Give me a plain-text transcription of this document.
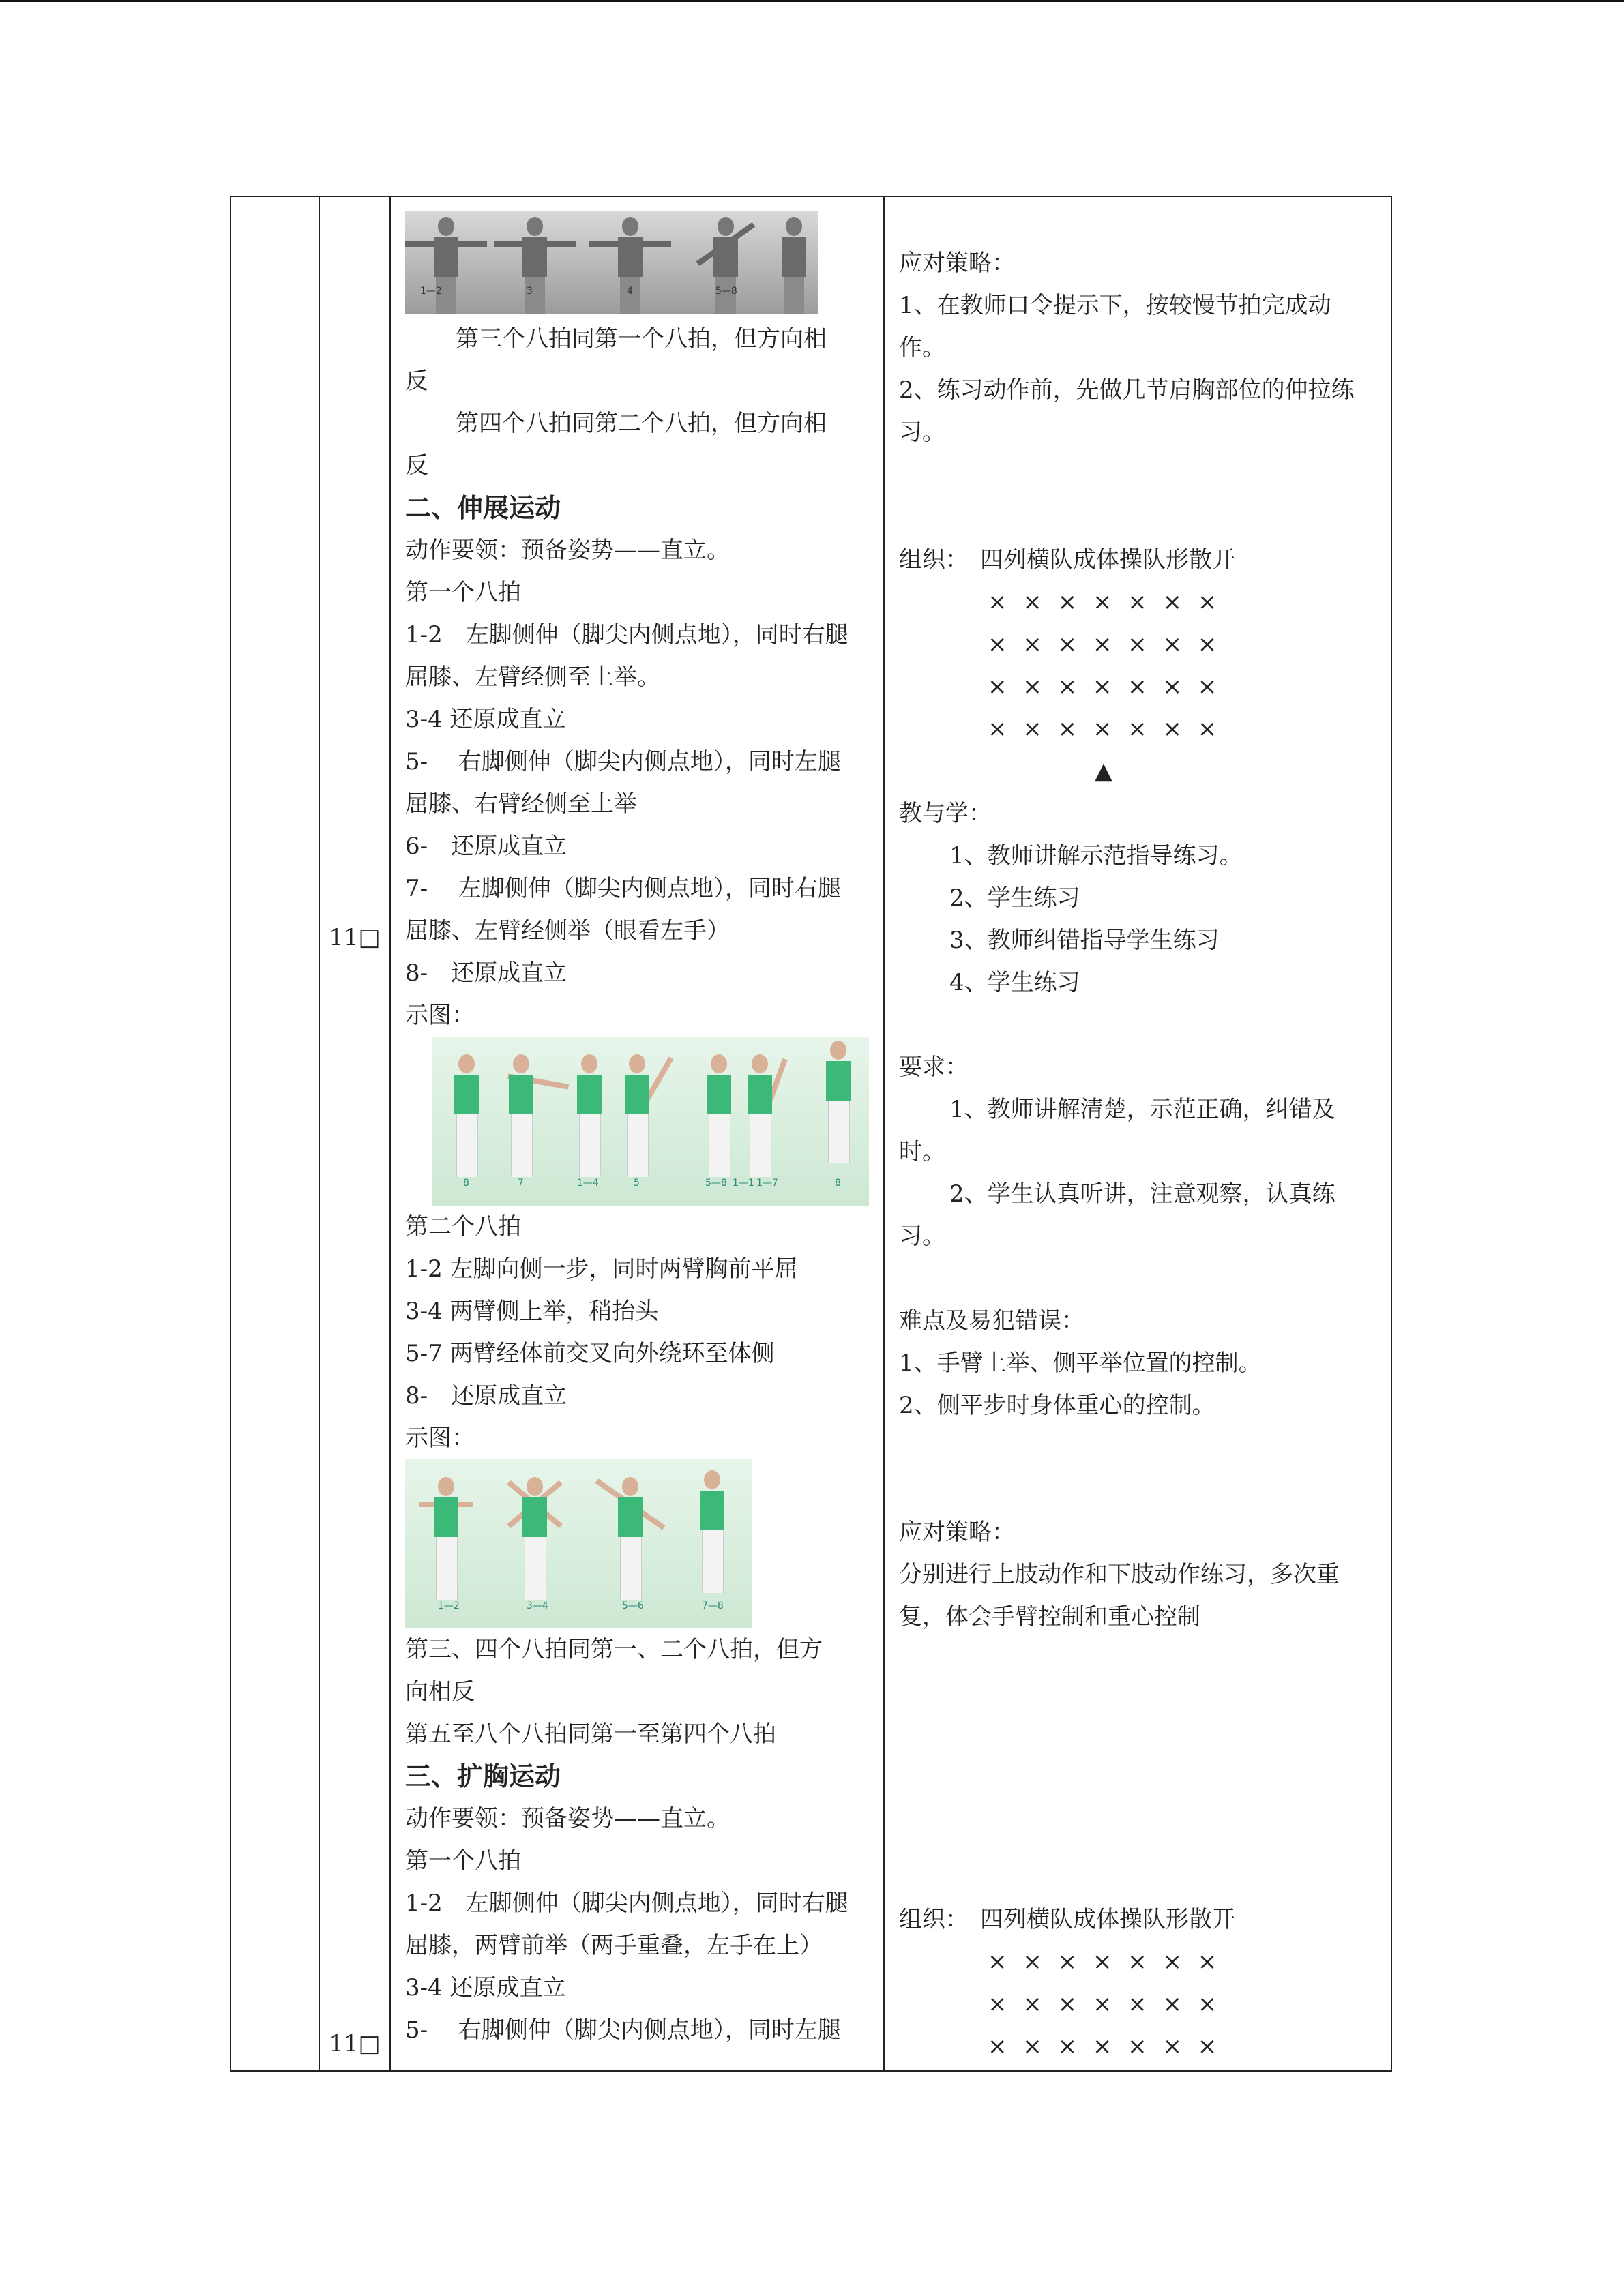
11□
11□
1—2	3	4	5—8
第三个八拍同第一个八拍，但方向相
反
第四个八拍同第二个八拍，但方向相
反
二、伸展运动
动作要领：预备姿势——直立。
第一个八拍
1-2　左脚侧伸（脚尖内侧点地），同时右腿
屈膝、左臂经侧至上举。
3-4 还原成直立
5-　 右脚侧伸（脚尖内侧点地），同时左腿
屈膝、右臂经侧至上举
6-　还原成直立
7-　 左脚侧伸（脚尖内侧点地），同时右腿
屈膝、左臂经侧举（眼看左手）
8-　还原成直立
示图：
8	7	1—4	5	5—8 1—1 1—7	8
第二个八拍
1-2 左脚向侧一步，同时两臂胸前平屈
3-4 两臂侧上举，稍抬头
5-7 两臂经体前交叉向外绕环至体侧
8-　还原成直立
示图：
1—2	3—4	5—6	7—8
第三、四个八拍同第一、二个八拍，但方
向相反
第五至八个八拍同第一至第四个八拍
三、扩胸运动
动作要领：预备姿势——直立。
第一个八拍
1-2　左脚侧伸（脚尖内侧点地），同时右腿
屈膝，两臂前举（两手重叠，左手在上）
3-4 还原成直立
5-　 右脚侧伸（脚尖内侧点地），同时左腿
应对策略：
1、在教师口令提示下，按较慢节拍完成动
作。
2、练习动作前，先做几节肩胸部位的伸拉练
习。
组织：　四列横队成体操队形散开
× × × × × × ×
× × × × × × ×
× × × × × × ×
× × × × × × ×
▲
教与学：
1、教师讲解示范指导练习。
2、学生练习
3、教师纠错指导学生练习
4、学生练习
要求：
1、教师讲解清楚，示范正确，纠错及
时。
2、学生认真听讲，注意观察，认真练
习。
难点及易犯错误：
1、手臂上举、侧平举位置的控制。
2、侧平步时身体重心的控制。
应对策略：
分别进行上肢动作和下肢动作练习，多次重
复，体会手臂控制和重心控制
组织：　四列横队成体操队形散开
× × × × × × ×
× × × × × × ×
× × × × × × ×
